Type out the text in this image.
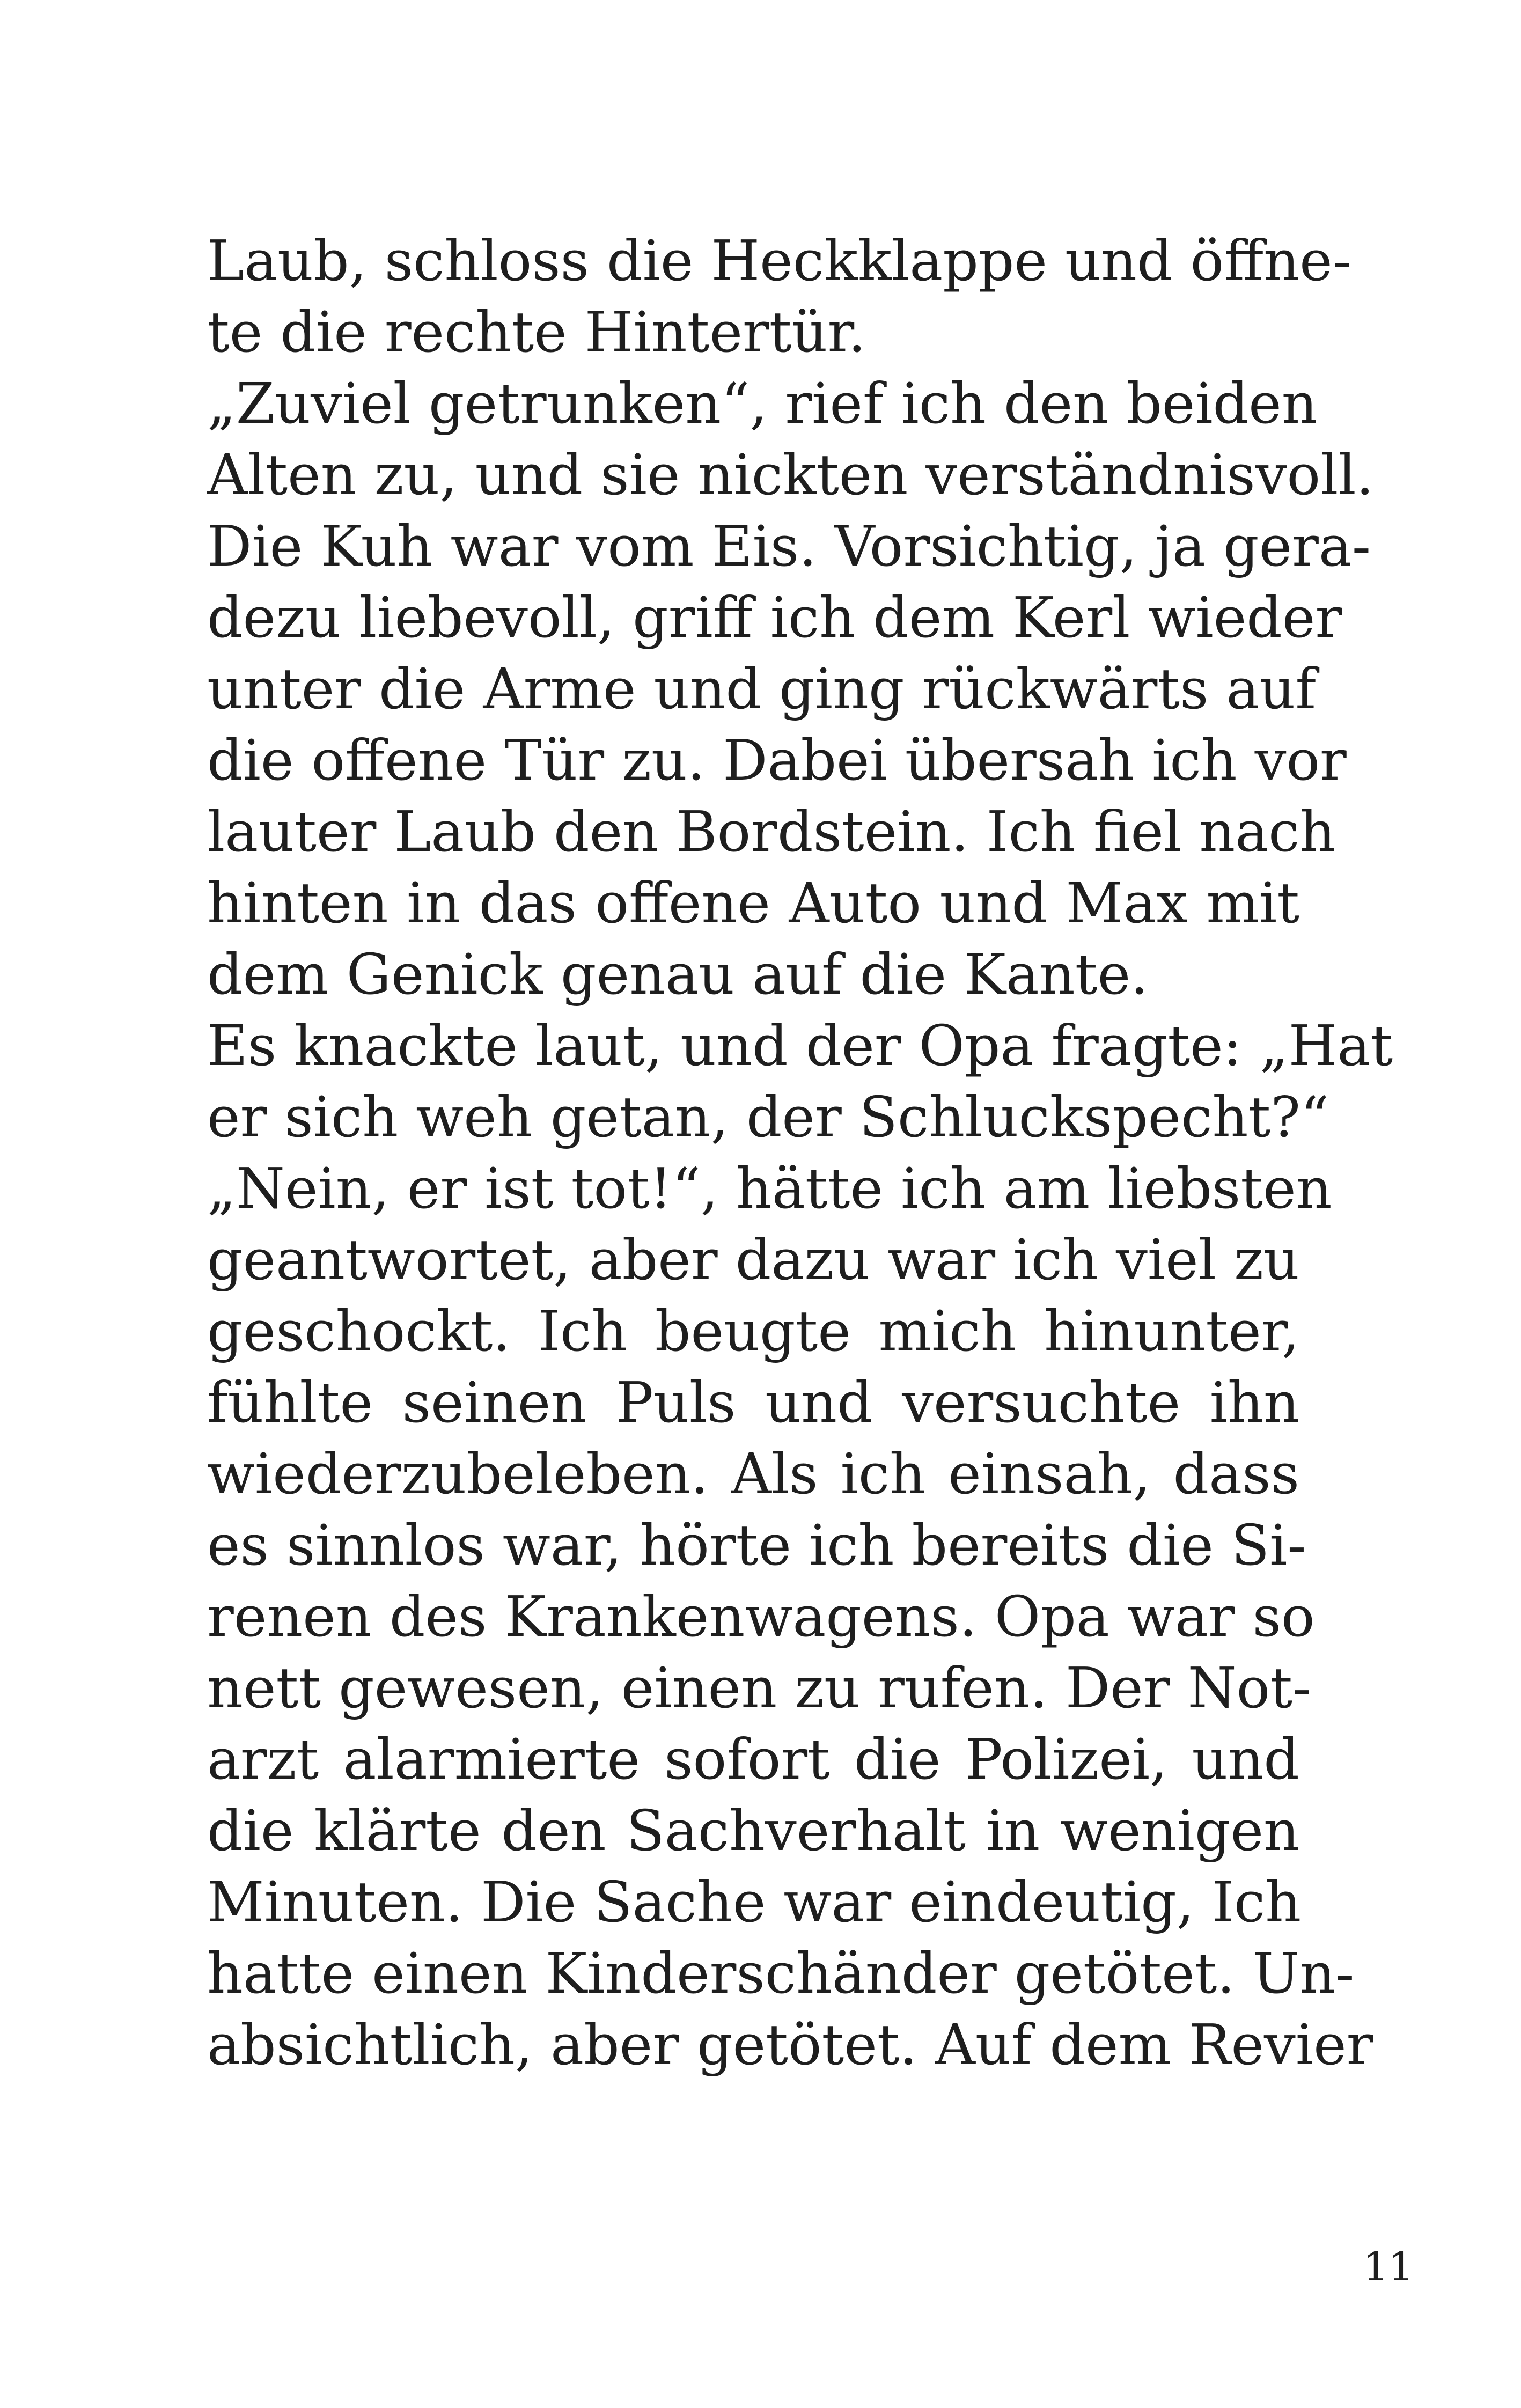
Laub, schloss die Heckklappe und öffne-
te die rechte Hintertür.
„Zuviel getrunken“, rief ich den beiden
Alten zu, und sie nickten verständnisvoll.
Die Kuh war vom Eis. Vorsichtig, ja gera-
dezu liebevoll, griff ich dem Kerl wieder
unter die Arme und ging rückwärts auf
die offene Tür zu. Dabei übersah ich vor
lauter Laub den Bordstein. Ich fiel nach
hinten in das offene Auto und Max mit
dem Genick genau auf die Kante.
Es knackte laut, und der Opa fragte: „Hat
er sich weh getan, der Schluckspecht?“
„Nein, er ist tot!“, hätte ich am liebsten
geantwortet, aber dazu war ich viel zu
geschockt. Ich beugte mich hinunter,
fühlte seinen Puls und versuchte ihn
wiederzubeleben. Als ich einsah, dass
es sinnlos war, hörte ich bereits die Si-
renen des Krankenwagens. Opa war so
nett gewesen, einen zu rufen. Der Not-
arzt alarmierte sofort die Polizei, und
die klärte den Sachverhalt in wenigen
Minuten. Die Sache war eindeutig, Ich
hatte einen Kinderschänder getötet. Un-
absichtlich, aber getötet. Auf dem Revier
11
